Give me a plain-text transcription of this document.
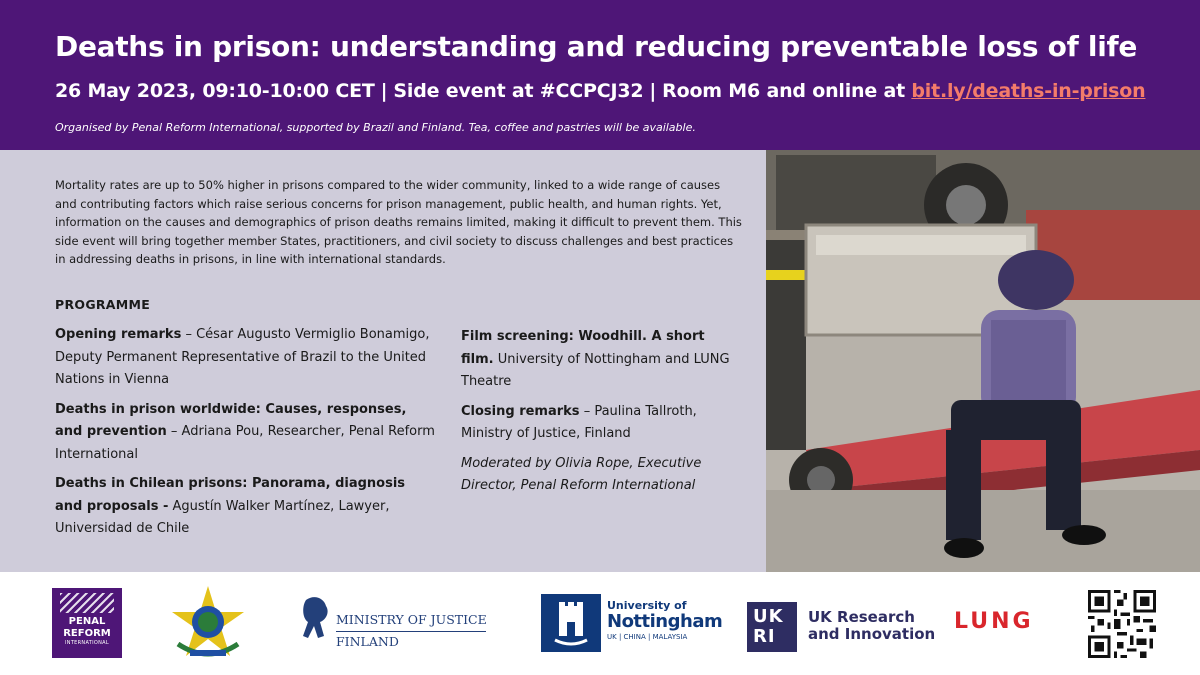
Deaths in prison: understanding and reducing preventable loss of life
26 May 2023, 09:10-10:00 CET | Side event at #CCPCJ32 | Room M6 and online at bit.ly/deaths-in-prison
Organised by Penal Reform International, supported by Brazil and Finland. Tea, coffee and pastries will be available.
Mortality rates are up to 50% higher in prisons compared to the wider community, linked to a wide range of causes and contributing factors which raise serious concerns for prison management, public health, and human rights. Yet, information on the causes and demographics of prison deaths remains limited, making it difficult to prevent them. This side event will bring together member States, practitioners, and civil society to discuss challenges and best practices in addressing deaths in prisons, in line with international standards.
PROGRAMME
Opening remarks – César Augusto Vermiglio Bonamigo, Deputy Permanent Representative of Brazil to the United Nations in Vienna
Deaths in prison worldwide: Causes, responses, and prevention – Adriana Pou, Researcher, Penal Reform International
Deaths in Chilean prisons: Panorama, diagnosis and proposals - Agustín Walker Martínez, Lawyer, Universidad de Chile
Film screening: Woodhill. A short film. University of Nottingham and LUNG Theatre
Closing remarks – Paulina Tallroth, Ministry of Justice, Finland
Moderated by Olivia Rope, Executive Director, Penal Reform International
PENAL
REFORM
INTERNATIONAL
MINISTRY OF JUSTICE
FINLAND
University of
Nottingham
UK | CHINA | MALAYSIA
UK
RI
UK Research
and Innovation LUNG
